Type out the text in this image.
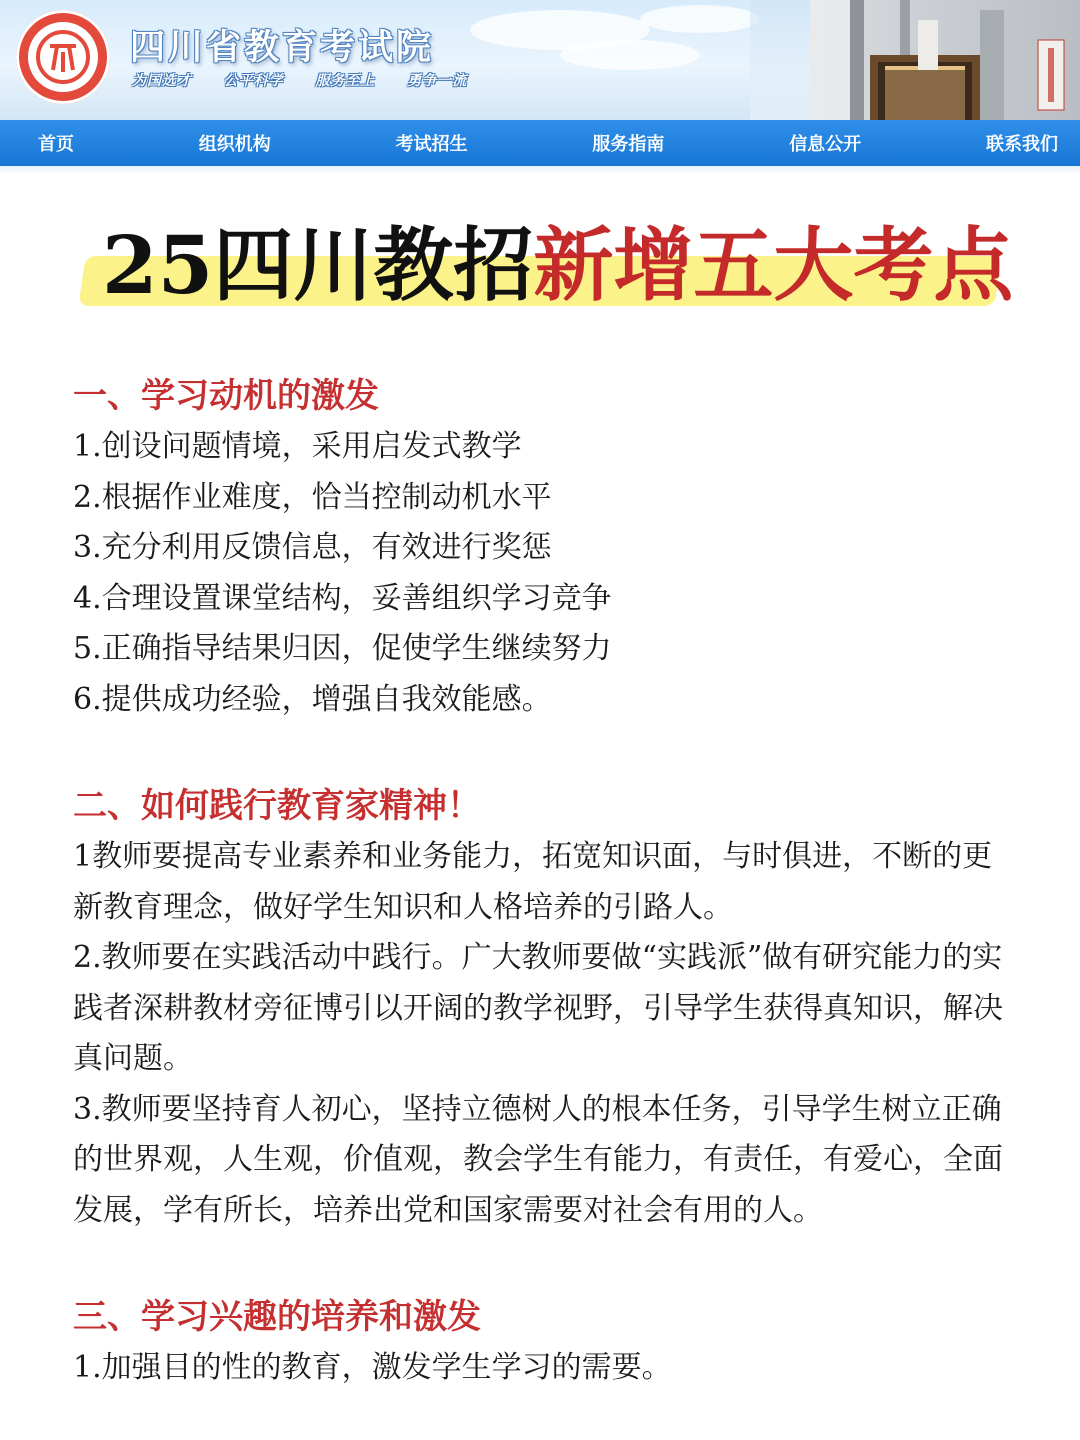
四川省教育考试院
为国选才  公平科学  服务至上  勇争一流
首页	组织机构	考试招生	服务指南	信息公开	联系我们
25四川教招新增五大考点
一、学习动机的激发
1.创设问题情境，采用启发式教学
2.根据作业难度，恰当控制动机水平
3.充分利用反馈信息，有效进行奖惩
4.合理设置课堂结构，妥善组织学习竞争
5.正确指导结果归因，促使学生继续努力
6.提供成功经验，增强自我效能感。
二、如何践行教育家精神！
1教师要提高专业素养和业务能力，拓宽知识面，与时俱进，不断的更新教育理念，做好学生知识和人格培养的引路人。
2.教师要在实践活动中践行。广大教师要做“实践派”做有研究能力的实践者深耕教材旁征博引以开阔的教学视野，引导学生获得真知识，解决真问题。
3.教师要坚持育人初心，坚持立德树人的根本任务，引导学生树立正确的世界观，人生观，价值观，教会学生有能力，有责任，有爱心，全面发展，学有所长，培养出党和国家需要对社会有用的人。
三、学习兴趣的培养和激发
1.加强目的性的教育，激发学生学习的需要。
